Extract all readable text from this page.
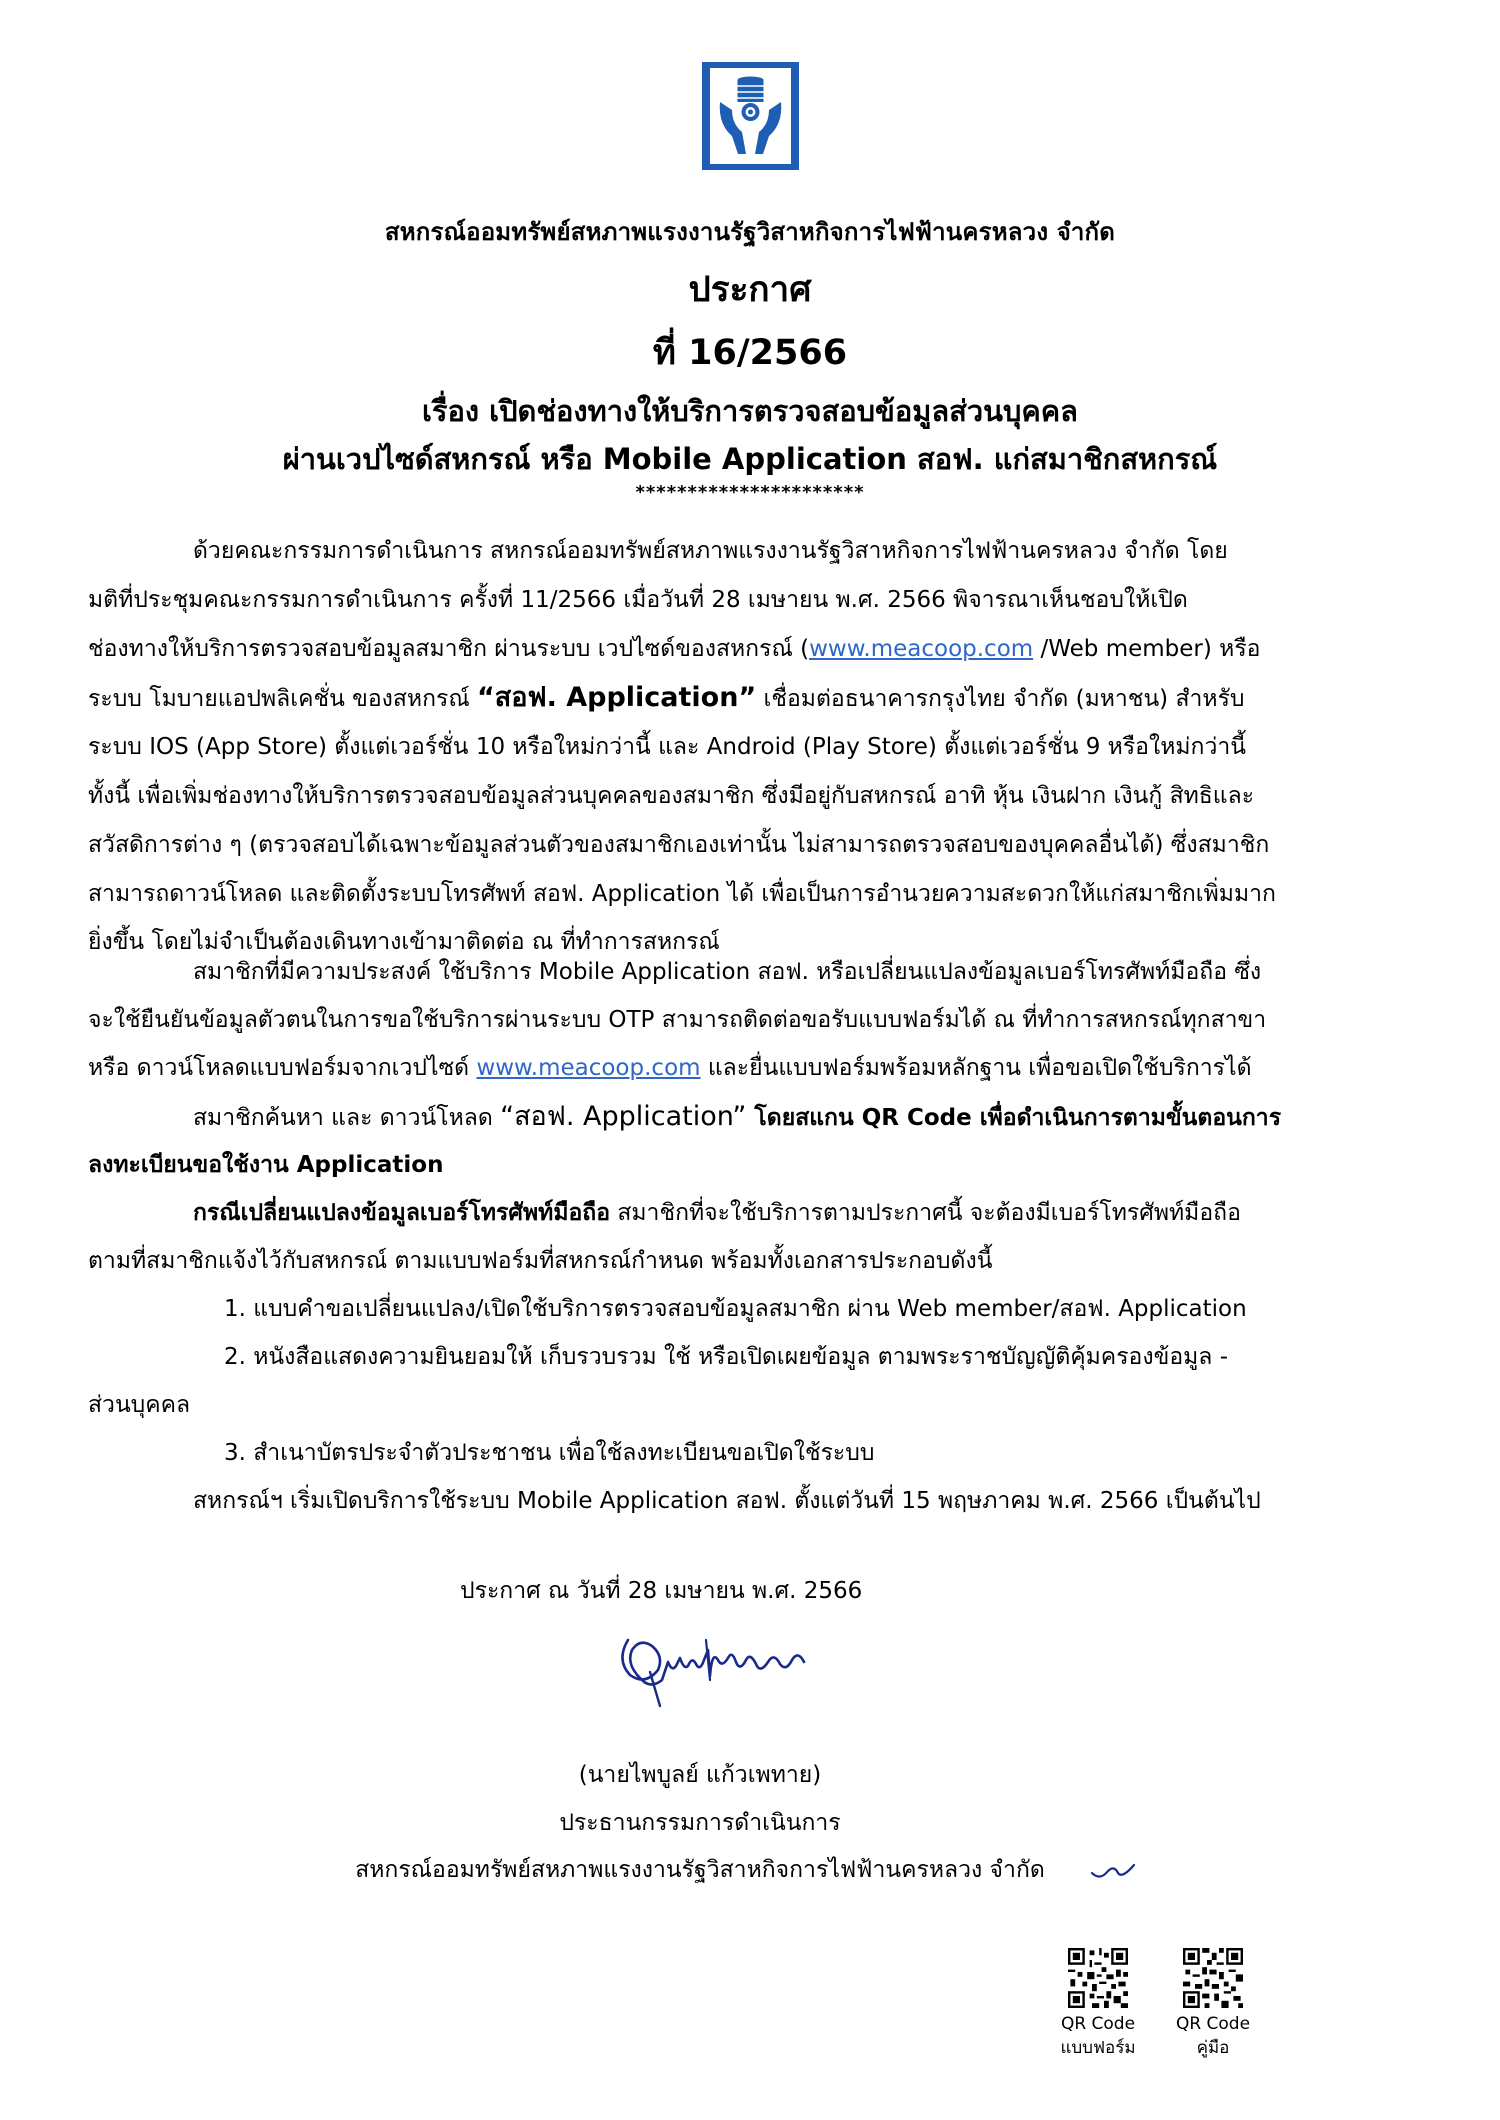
สหกรณ์ออมทรัพย์สหภาพแรงงานรัฐวิสาหกิจการไฟฟ้านครหลวง จำกัด
ประกาศ
ที่ 16/2566
เรื่อง เปิดช่องทางให้บริการตรวจสอบข้อมูลส่วนบุคคล
ผ่านเวปไซด์สหกรณ์ หรือ Mobile Application สอฟ. แก่สมาชิกสหกรณ์
**********************
ด้วยคณะกรรมการดำเนินการ สหกรณ์ออมทรัพย์สหภาพแรงงานรัฐวิสาหกิจการไฟฟ้านครหลวง จำกัด โดย
มติที่ประชุมคณะกรรมการดำเนินการ ครั้งที่ 11/2566 เมื่อวันที่ 28 เมษายน พ.ศ. 2566 พิจารณาเห็นชอบให้เปิด
ช่องทางให้บริการตรวจสอบข้อมูลสมาชิก ผ่านระบบ เวปไซด์ของสหกรณ์ (www.meacoop.com /Web member) หรือ
ระบบ โมบายแอปพลิเคชั่น ของสหกรณ์ “สอฟ. Application” เชื่อมต่อธนาคารกรุงไทย จำกัด (มหาชน) สำหรับ
ระบบ IOS (App Store) ตั้งแต่เวอร์ชั่น 10 หรือใหม่กว่านี้ และ Android (Play Store) ตั้งแต่เวอร์ชั่น 9 หรือใหม่กว่านี้
ทั้งนี้ เพื่อเพิ่มช่องทางให้บริการตรวจสอบข้อมูลส่วนบุคคลของสมาชิก ซึ่งมีอยู่กับสหกรณ์ อาทิ หุ้น เงินฝาก เงินกู้ สิทธิและ
สวัสดิการต่าง ๆ (ตรวจสอบได้เฉพาะข้อมูลส่วนตัวของสมาชิกเองเท่านั้น ไม่สามารถตรวจสอบของบุคคลอื่นได้) ซึ่งสมาชิก
สามารถดาวน์โหลด และติดตั้งระบบโทรศัพท์ สอฟ. Application ได้ เพื่อเป็นการอำนวยความสะดวกให้แก่สมาชิกเพิ่มมาก
ยิ่งขึ้น โดยไม่จำเป็นต้องเดินทางเข้ามาติดต่อ ณ ที่ทำการสหกรณ์
สมาชิกที่มีความประสงค์ ใช้บริการ Mobile Application สอฟ. หรือเปลี่ยนแปลงข้อมูลเบอร์โทรศัพท์มือถือ ซึ่ง
จะใช้ยืนยันข้อมูลตัวตนในการขอใช้บริการผ่านระบบ OTP สามารถติดต่อขอรับแบบฟอร์มได้ ณ ที่ทำการสหกรณ์ทุกสาขา
หรือ ดาวน์โหลดแบบฟอร์มจากเวปไซด์ www.meacoop.com และยื่นแบบฟอร์มพร้อมหลักฐาน เพื่อขอเปิดใช้บริการได้
สมาชิกค้นหา และ ดาวน์โหลด “สอฟ. Application” โดยสแกน QR Code เพื่อดำเนินการตามขั้นตอนการ
ลงทะเบียนขอใช้งาน Application
กรณีเปลี่ยนแปลงข้อมูลเบอร์โทรศัพท์มือถือ สมาชิกที่จะใช้บริการตามประกาศนี้ จะต้องมีเบอร์โทรศัพท์มือถือ
ตามที่สมาชิกแจ้งไว้กับสหกรณ์ ตามแบบฟอร์มที่สหกรณ์กำหนด พร้อมทั้งเอกสารประกอบดังนี้
1. แบบคำขอเปลี่ยนแปลง/เปิดใช้บริการตรวจสอบข้อมูลสมาชิก ผ่าน Web member/สอฟ. Application
2. หนังสือแสดงความยินยอมให้ เก็บรวบรวม ใช้ หรือเปิดเผยข้อมูล ตามพระราชบัญญัติคุ้มครองข้อมูล -
ส่วนบุคคล
3. สำเนาบัตรประจำตัวประชาชน เพื่อใช้ลงทะเบียนขอเปิดใช้ระบบ
สหกรณ์ฯ เริ่มเปิดบริการใช้ระบบ Mobile Application สอฟ. ตั้งแต่วันที่ 15 พฤษภาคม พ.ศ. 2566 เป็นต้นไป
ประกาศ ณ วันที่ 28 เมษายน พ.ศ. 2566
(นายไพบูลย์ แก้วเพทาย)
ประธานกรรมการดำเนินการ
สหกรณ์ออมทรัพย์สหภาพแรงงานรัฐวิสาหกิจการไฟฟ้านครหลวง จำกัด
QR Code
แบบฟอร์ม
QR Code
คู่มือ
